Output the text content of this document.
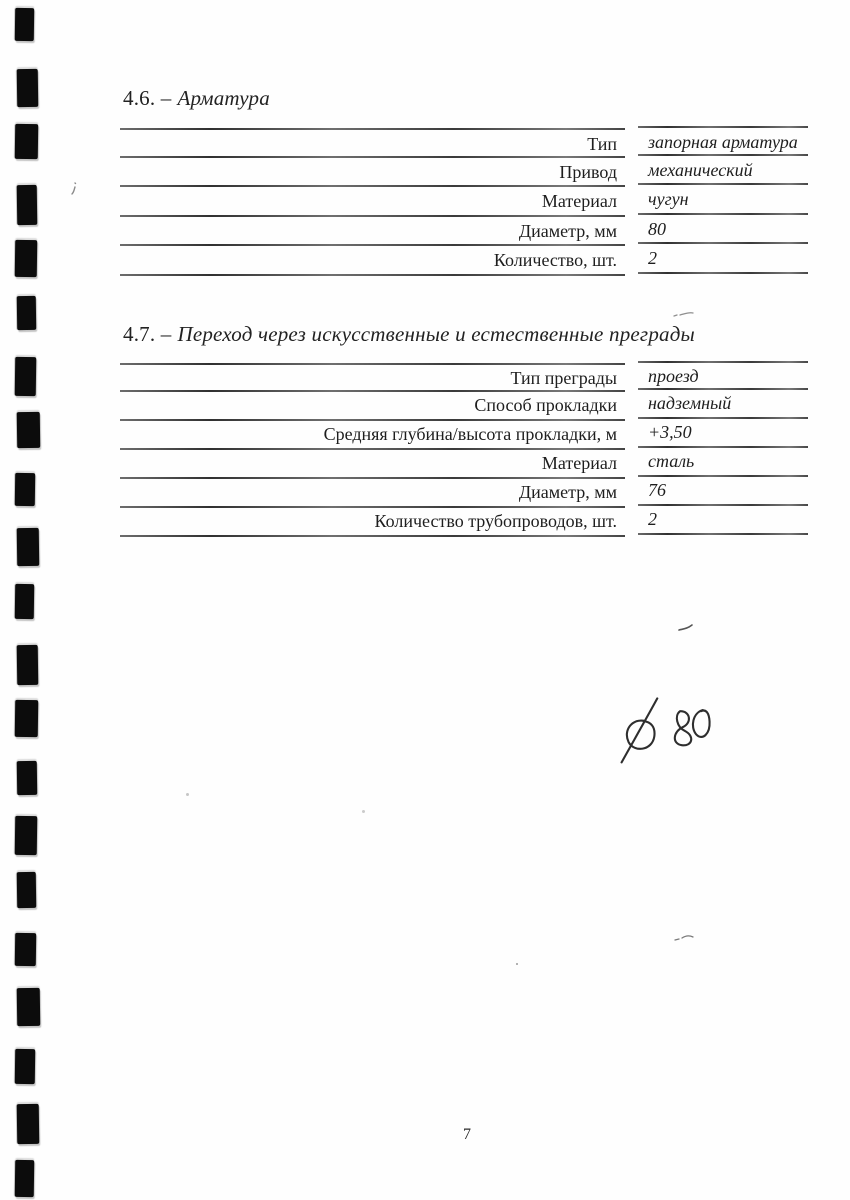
4.6. – Арматура
Тип	запорная арматура
Привод	механический
Материал	чугун
Диаметр, мм	80
Количество, шт.	2
4.7. – Переход через искусственные и естественные преграды
Тип преграды	проезд
Способ прокладки	надземный
Средняя глубина/высота прокладки, м	+3,50
Материал	сталь
Диаметр, мм	76
Количество трубопроводов, шт.	2
7
